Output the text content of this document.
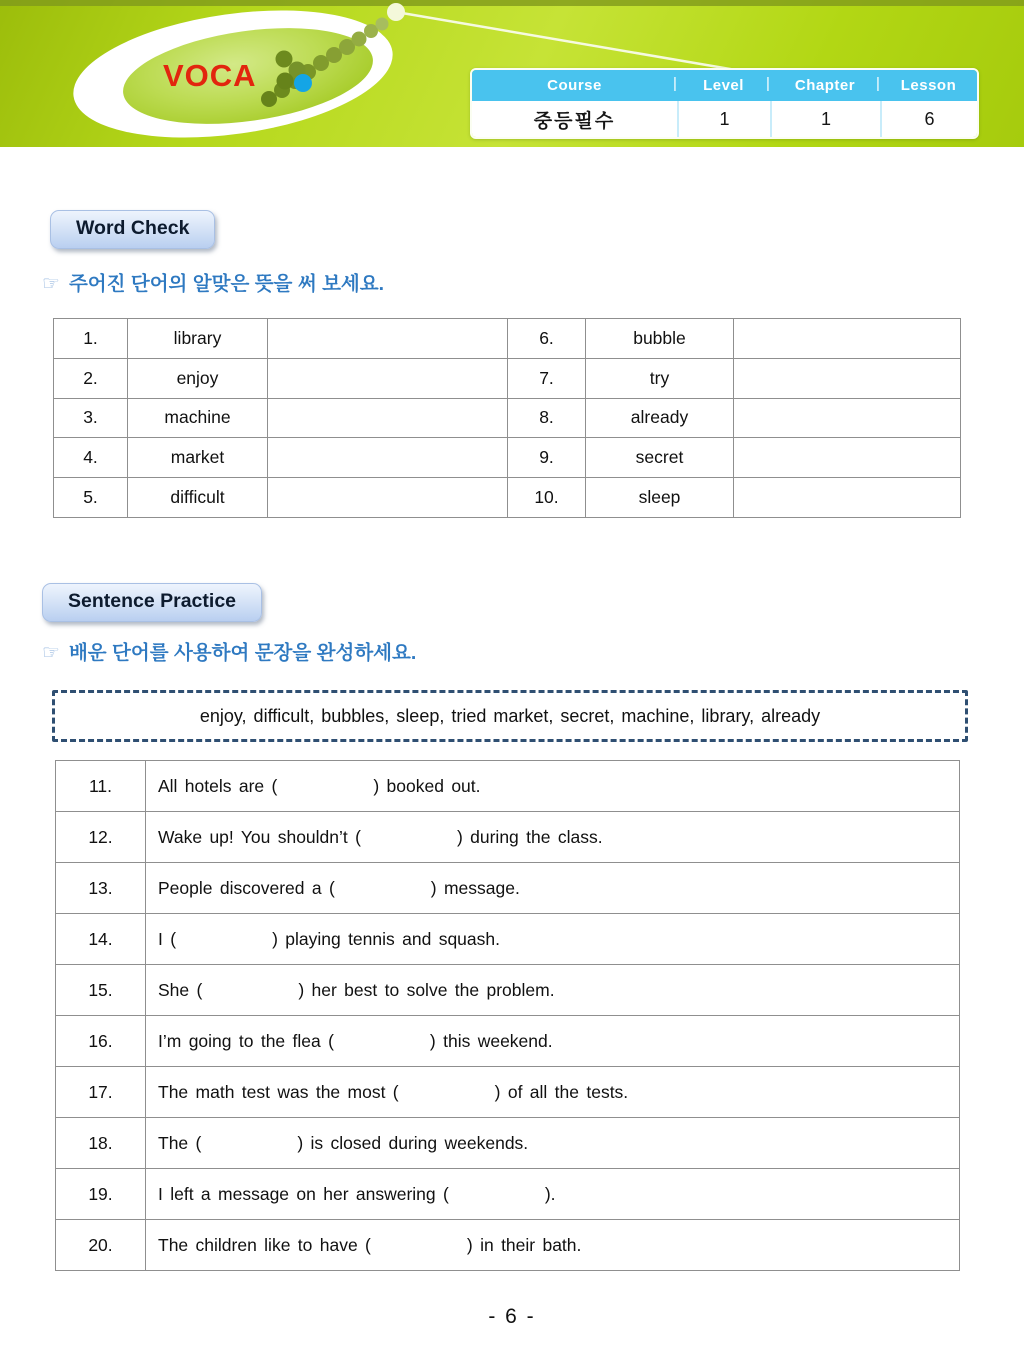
VOCA	Course	| Level	| Chapter	| Lesson
중등필수	1	1	6
Word Check
☞ 주어진 단어의 알맞은 뜻을 써 보세요.
1.	library		6.	bubble	
2.	enjoy		7.	try	
3.	machine		8.	already	
4.	market		9.	secret	
5.	difficult		10.	sleep	
Sentence Practice
☞ 배운 단어를 사용하여 문장을 완성하세요.
enjoy, difficult, bubbles, sleep, tried market, secret, machine, library, already
11.	All hotels are ( ) booked out.
12.	Wake up! You shouldn’t ( ) during the class.
13.	People discovered a ( ) message.
14.	I ( ) playing tennis and squash.
15.	She ( ) her best to solve the problem.
16.	I’m going to the flea ( ) this weekend.
17.	The math test was the most ( ) of all the tests.
18.	The ( ) is closed during weekends.
19.	I left a message on her answering ( ).
20.	The children like to have ( ) in their bath.
- 6 -
